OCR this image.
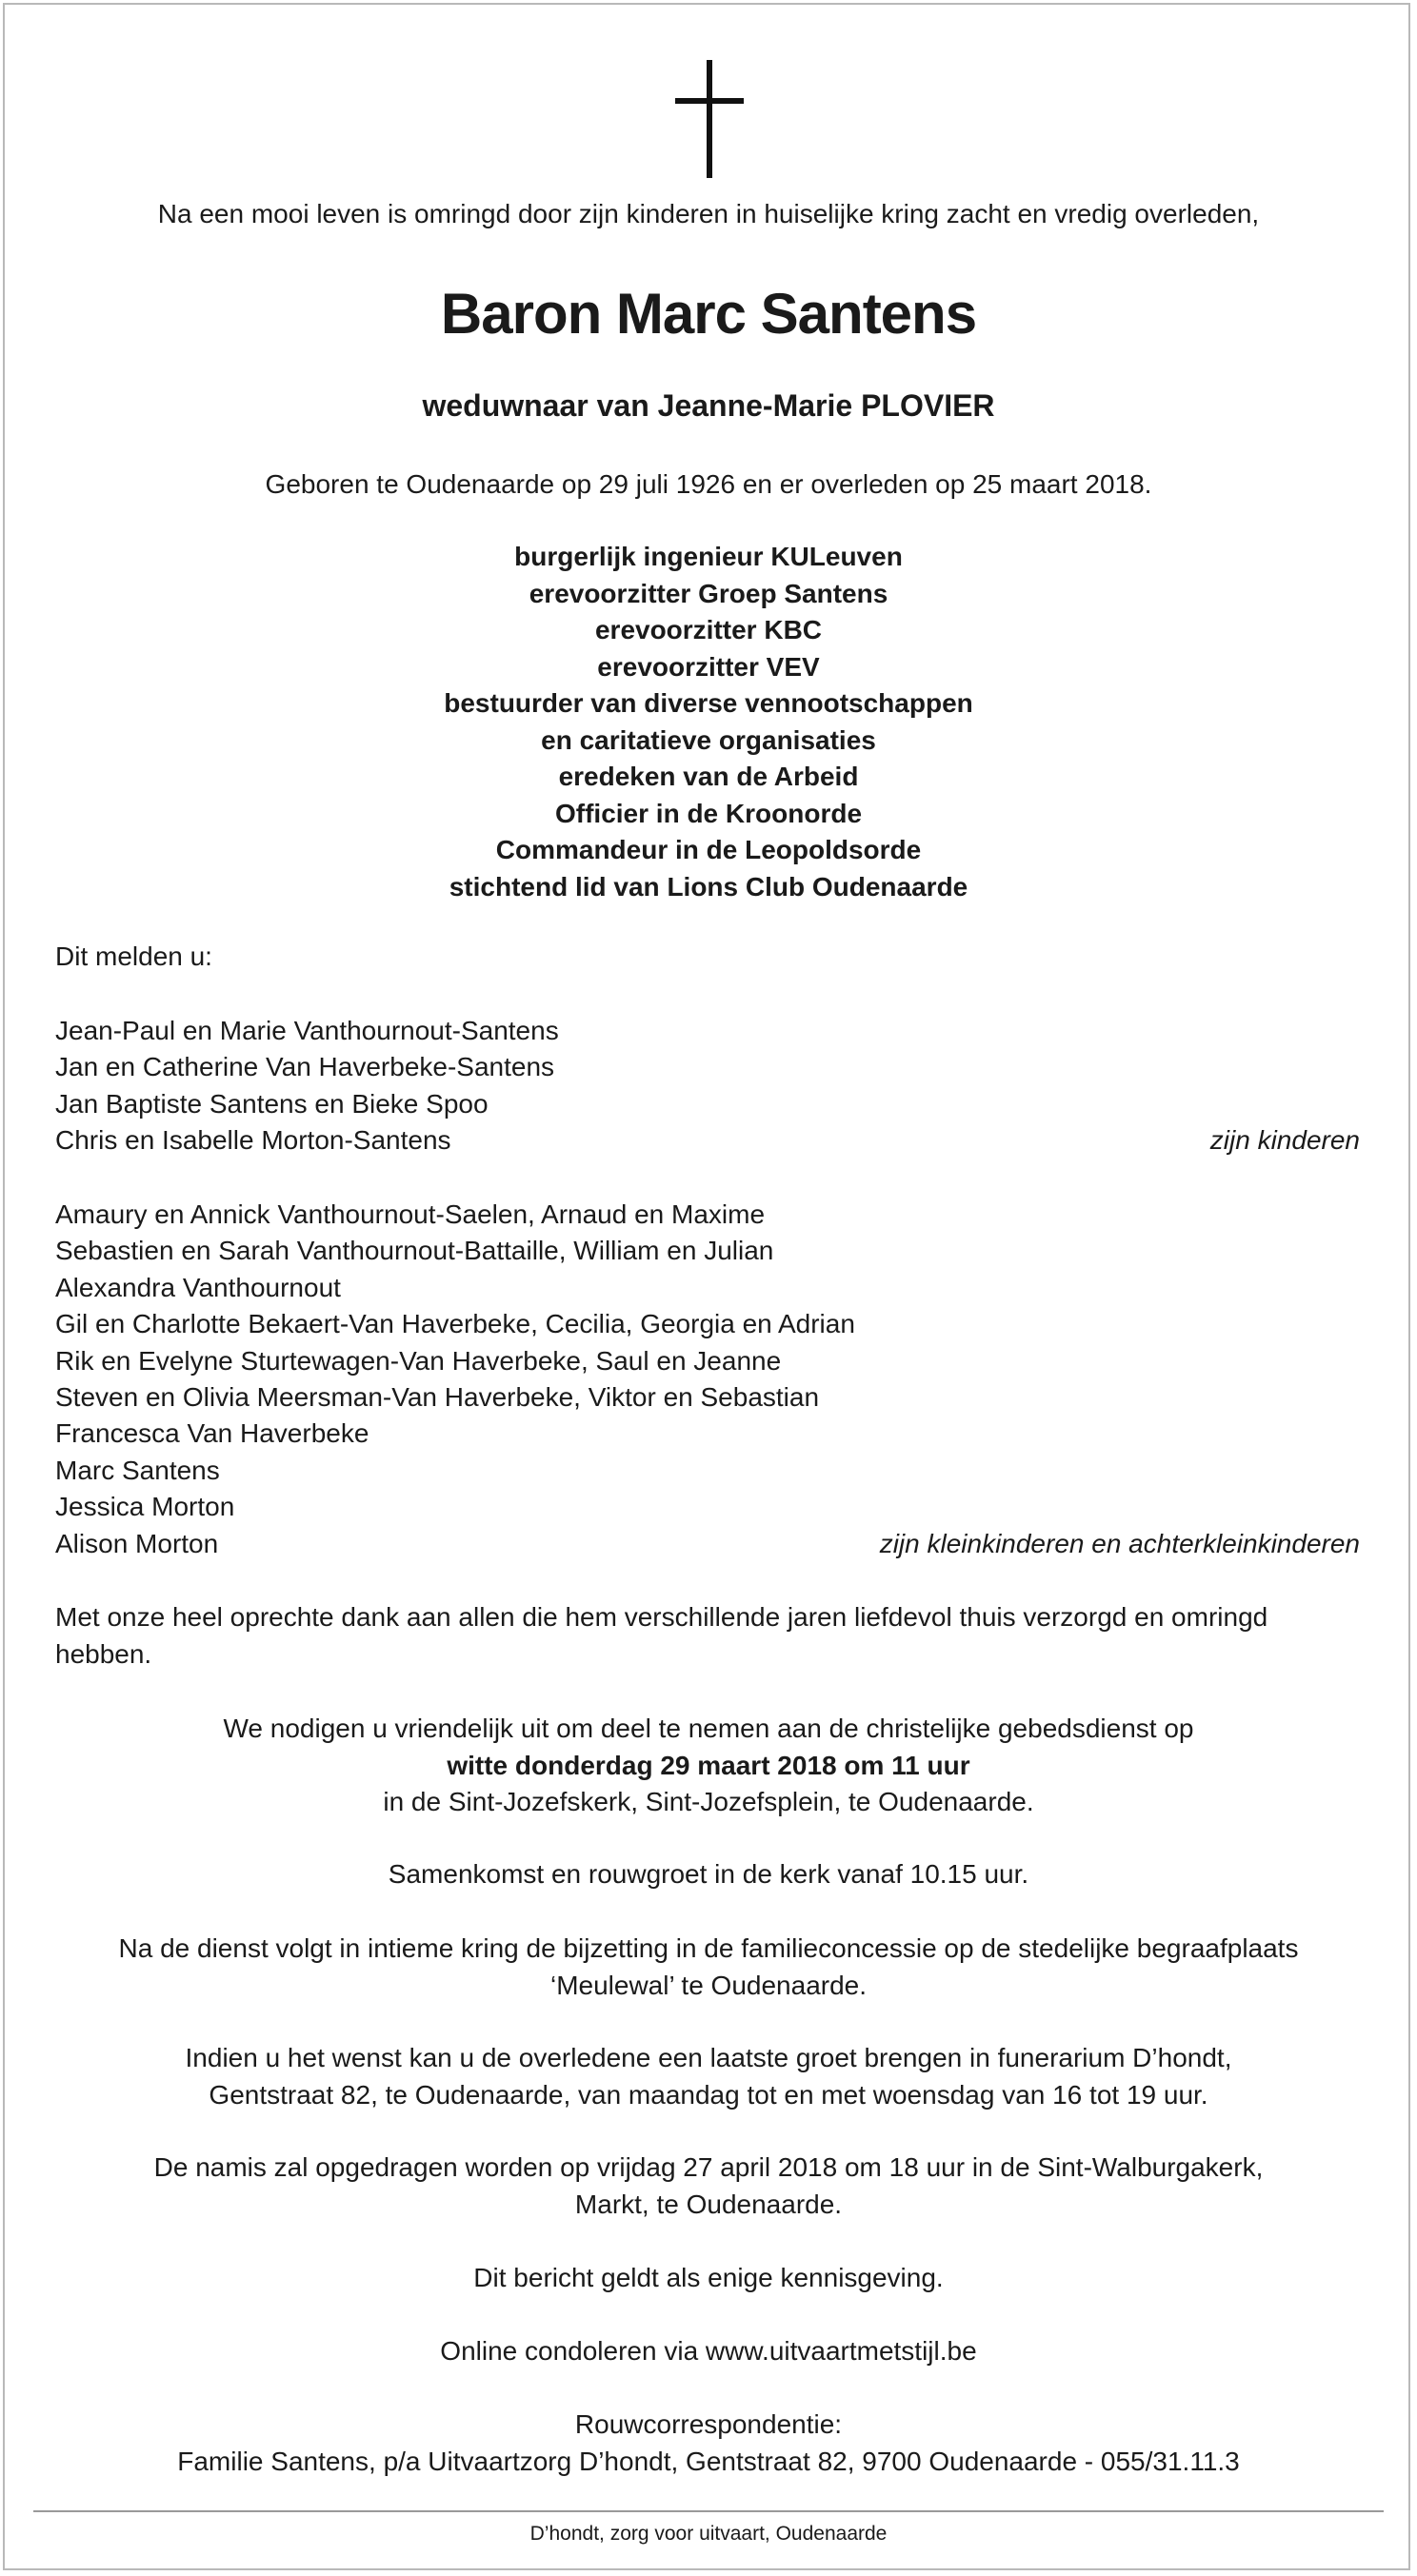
Na een mooi leven is omringd door zijn kinderen in huiselijke kring zacht en vredig overleden,
Baron Marc Santens
weduwnaar van Jeanne-Marie PLOVIER
Geboren te Oudenaarde op 29 juli 1926 en er overleden op 25 maart 2018.
burgerlijk ingenieur KULeuven
erevoorzitter Groep Santens
erevoorzitter KBC
erevoorzitter VEV
bestuurder van diverse vennootschappen
en caritatieve organisaties
eredeken van de Arbeid
Officier in de Kroonorde
Commandeur in de Leopoldsorde
stichtend lid van Lions Club Oudenaarde
Dit melden u:
Jean-Paul en Marie Vanthournout-Santens
Jan en Catherine Van Haverbeke-Santens
Jan Baptiste Santens en Bieke Spoo
Chris en Isabelle Morton-Santens	zijn kinderen
Amaury en Annick Vanthournout-Saelen, Arnaud en Maxime
Sebastien en Sarah Vanthournout-Battaille, William en Julian
Alexandra Vanthournout
Gil en Charlotte Bekaert-Van Haverbeke, Cecilia, Georgia en Adrian
Rik en Evelyne Sturtewagen-Van Haverbeke, Saul en Jeanne
Steven en Olivia Meersman-Van Haverbeke, Viktor en Sebastian
Francesca Van Haverbeke
Marc Santens
Jessica Morton
Alison Morton	zijn kleinkinderen en achterkleinkinderen
Met onze heel oprechte dank aan allen die hem verschillende jaren liefdevol thuis verzorgd en omringd hebben.
We nodigen u vriendelijk uit om deel te nemen aan de christelijke gebedsdienst op
witte donderdag 29 maart 2018 om 11 uur
in de Sint-Jozefskerk, Sint-Jozefsplein, te Oudenaarde.
Samenkomst en rouwgroet in de kerk vanaf 10.15 uur.
Na de dienst volgt in intieme kring de bijzetting in de familieconcessie op de stedelijke begraafplaats
‘Meulewal’ te Oudenaarde.
Indien u het wenst kan u de overledene een laatste groet brengen in funerarium D’hondt,
Gentstraat 82, te Oudenaarde, van maandag tot en met woensdag van 16 tot 19 uur.
De namis zal opgedragen worden op vrijdag 27 april 2018 om 18 uur in de Sint-Walburgakerk,
Markt, te Oudenaarde.
Dit bericht geldt als enige kennisgeving.
Online condoleren via www.uitvaartmetstijl.be
Rouwcorrespondentie:
Familie Santens, p/a Uitvaartzorg D’hondt, Gentstraat 82, 9700 Oudenaarde - 055/31.11.3
D’hondt, zorg voor uitvaart, Oudenaarde
